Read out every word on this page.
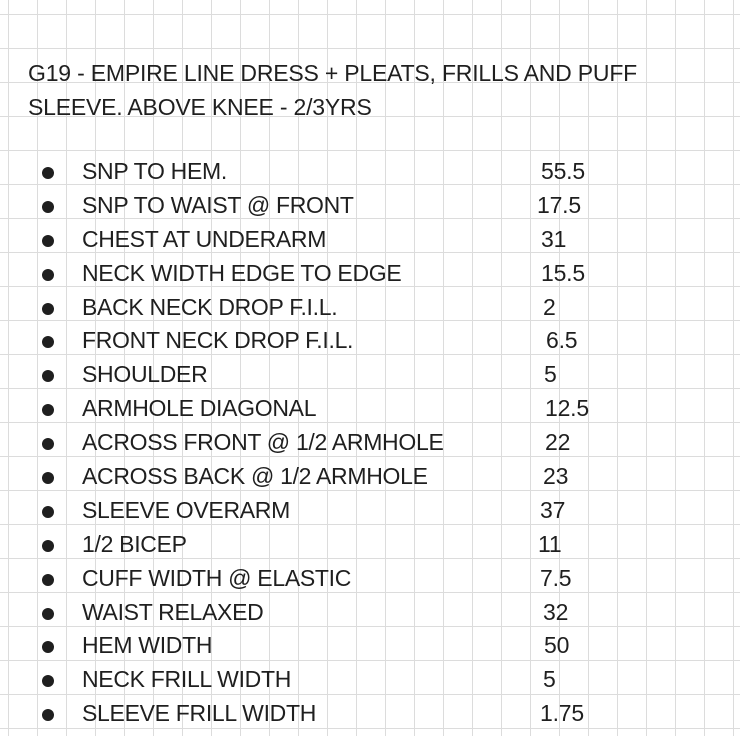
G19 - EMPIRE LINE DRESS + PLEATS, FRILLS AND PUFF
SLEEVE. ABOVE KNEE - 2/3YRS
SNP TO HEM.	55.5
SNP TO WAIST @ FRONT	17.5
CHEST AT UNDERARM	31
NECK WIDTH EDGE TO EDGE	15.5
BACK NECK DROP F.I.L.	2
FRONT NECK DROP F.I.L.	6.5
SHOULDER	5
ARMHOLE DIAGONAL	12.5
ACROSS FRONT @ 1/2 ARMHOLE	22
ACROSS BACK @ 1/2 ARMHOLE	23
SLEEVE OVERARM	37
1/2 BICEP	11
CUFF WIDTH @ ELASTIC	7.5
WAIST RELAXED	32
HEM WIDTH	50
NECK FRILL WIDTH	5
SLEEVE FRILL WIDTH	1.75
